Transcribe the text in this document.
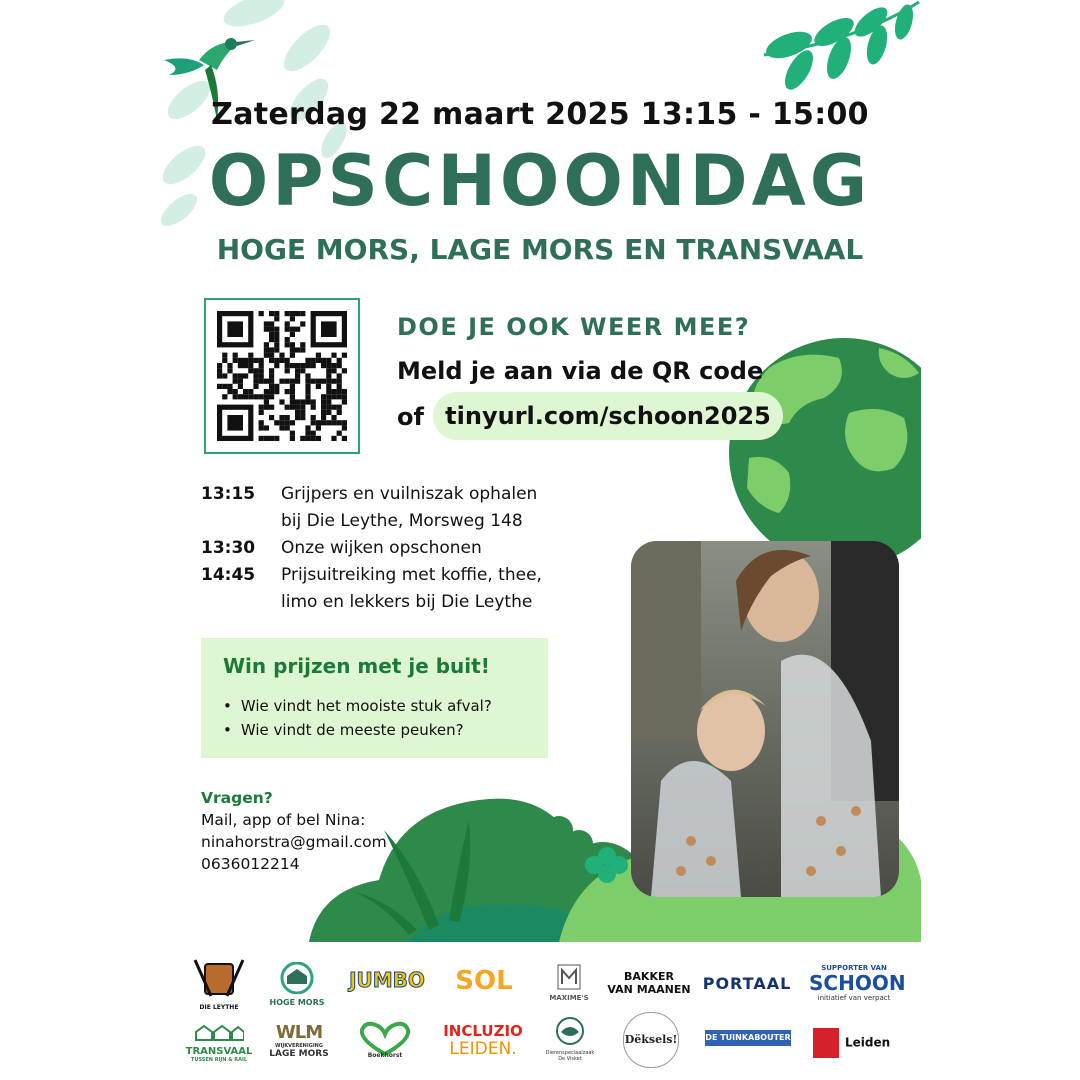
Zaterdag 22 maart 2025 13:15 - 15:00
OPSCHOONDAG
HOGE MORS, LAGE MORS EN TRANSVAAL
DOE JE OOK WEER MEE?
Meld je aan via de QR code
of tinyurl.com/schoon2025
13:15	Grijpers en vuilniszak ophalen
bij Die Leythe, Morsweg 148
13:30	Onze wijken opschonen
14:45	Prijsuitreiking met koffie, thee,
limo en lekkers bij Die Leythe
Win prijzen met je buit!
• Wie vindt het mooiste stuk afval?
• Wie vindt de meeste peuken?
Vragen?
Mail, app of bel Nina:
ninahorstra@gmail.com
0636012214
DIE LEYTHE
HOGE MORS
JUMBO	SOL
MAXIME'S
BAKKER
VAN MAANEN PORTAAL
SUPPORTER VAN
SCHOON
initiatief van verpact
TRANSVAAL
TUSSEN RIJN & RAIL
WLM
WIJKVERENIGING
LAGE MORS	Boekhorst
INCLUZIO
LEIDEN.	Dierenspeciaalzaak
De Visket
Dëksels!	DE TUINKABOUTER	Leiden
